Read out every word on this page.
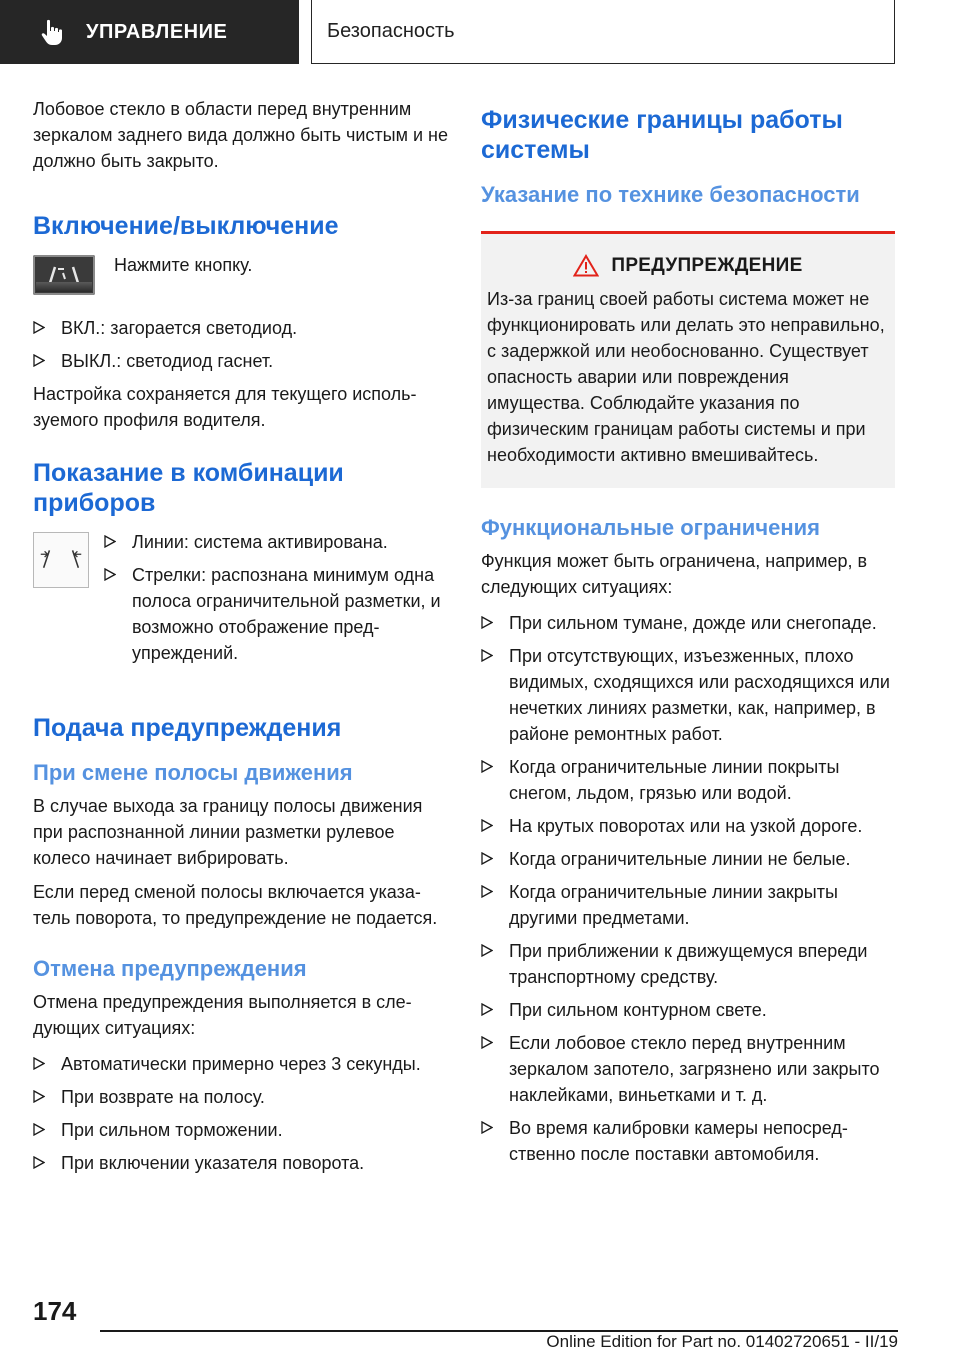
УПРАВЛЕНИЕ	Безопасность

Лобовое стекло в области перед внутренним зеркалом заднего вида должно быть чистым и не должно быть закрыто.

Включение/выключение

Нажмите кнопку.

ВКЛ.: загорается светодиод.
ВЫКЛ.: светодиод гаснет.

Настройка сохраняется для текущего используемого профиля водителя.

Показание в комбинации приборов
Линии: система активирована.
Стрелки: распознана минимум одна полоса ограничительной разметки, и возможно отображение предупреждений.
Подача предупреждения
При смене полосы движения

В случае выхода за границу полосы движения при распознанной линии разметки рулевое колесо начинает вибрировать.

Если перед сменой полосы включается указатель поворота, то предупреждение не подается.

Отмена предупреждения

Отмена предупреждения выполняется в следующих ситуациях:

Автоматически примерно через 3 секунды.
При возврате на полосу.
При сильном торможении.
При включении указателя поворота.
Физические границы работы системы
Указание по технике безопасности
ПРЕДУПРЕЖДЕНИЕ

Из-за границ своей работы система может не функционировать или делать это неправильно, с задержкой или необоснованно. Существует опасность аварии или повреждения имущества. Соблюдайте указания по физическим границам работы системы и при необходимости активно вмешивайтесь.

Функциональные ограничения

Функция может быть ограничена, например, в следующих ситуациях:

При сильном тумане, дожде или снегопаде.
При отсутствующих, изъезженных, плохо видимых, сходящихся или расходящихся или нечетких линиях разметки, как, например, в районе ремонтных работ.
Когда ограничительные линии покрыты снегом, льдом, грязью или водой.
На крутых поворотах или на узкой дороге.
Когда ограничительные линии не белые.
Когда ограничительные линии закрыты другими предметами.
При приближении к движущемуся впереди транспортному средству.
При сильном контурном свете.
Если лобовое стекло перед внутренним зеркалом запотело, загрязнено или закрыто наклейками, виньетками и т. д.
Во время калибровки камеры непосредственно после поставки автомобиля.
174
Online Edition for Part no. 01402720651 - II/19
